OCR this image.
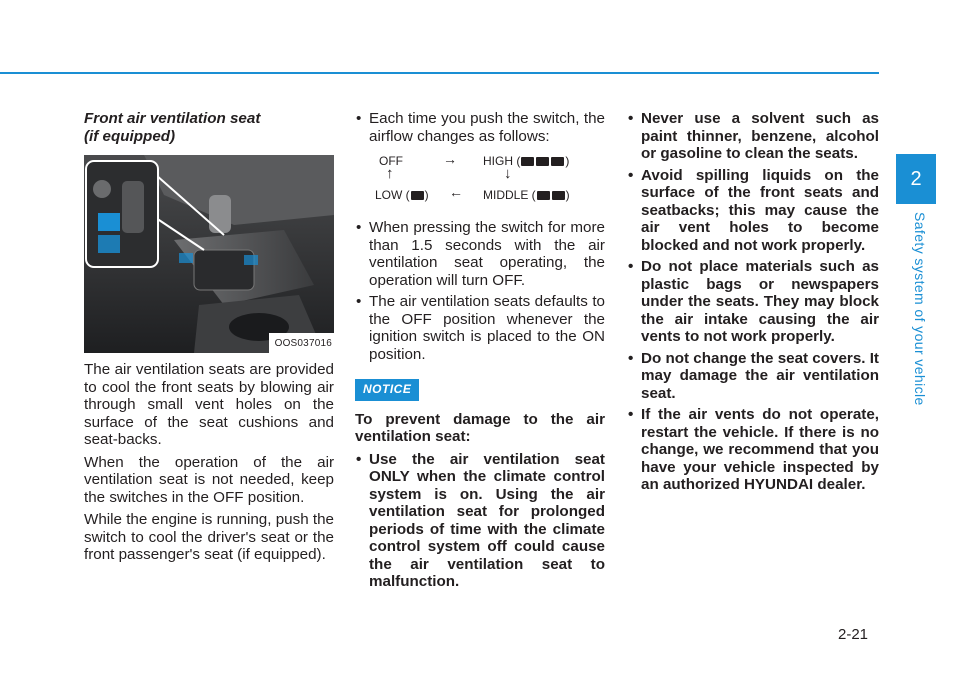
2
Safety system of your vehicle
Front air ventilation seat
(if equipped)
OOS037016

The air ventilation seats are provided to cool the front seats by blowing air through small vent holes on the surface of the seat cushions and seat-backs.

When the operation of the air ventilation seat is not needed, keep the switches in the OFF position.

While the engine is running, push the switch to cool the driver's seat or the front passenger's seat (if equipped).

• Each time you push the switch, the airflow changes as follows:
OFF	→ HIGH (	)
↑	↓
LOW ( ) ← MIDDLE (	)
• When pressing the switch for more than 1.5 seconds with the air ventilation seat operating, the operation will turn OFF.
• The air ventilation seats defaults to the OFF position whenever the ignition switch is placed to the ON position.
NOTICE

To prevent damage to the air ventilation seat:

• Use the air ventilation seat ONLY when the climate control system is on. Using the air ventilation seat for prolonged periods of time with the climate control system off could cause the air ventilation seat to malfunction.
• Never use a solvent such as paint thinner, benzene, alcohol or gasoline to clean the seats.
• Avoid spilling liquids on the surface of the front seats and seatbacks; this may cause the air vent holes to become blocked and not work properly.
• Do not place materials such as plastic bags or newspapers under the seats. They may block the air intake causing the air vents to not work properly.
• Do not change the seat covers. It may damage the air ventilation seat.
• If the air vents do not operate, restart the vehicle. If there is no change, we recommend that you have your vehicle inspected by an authorized HYUNDAI dealer.
2-21
